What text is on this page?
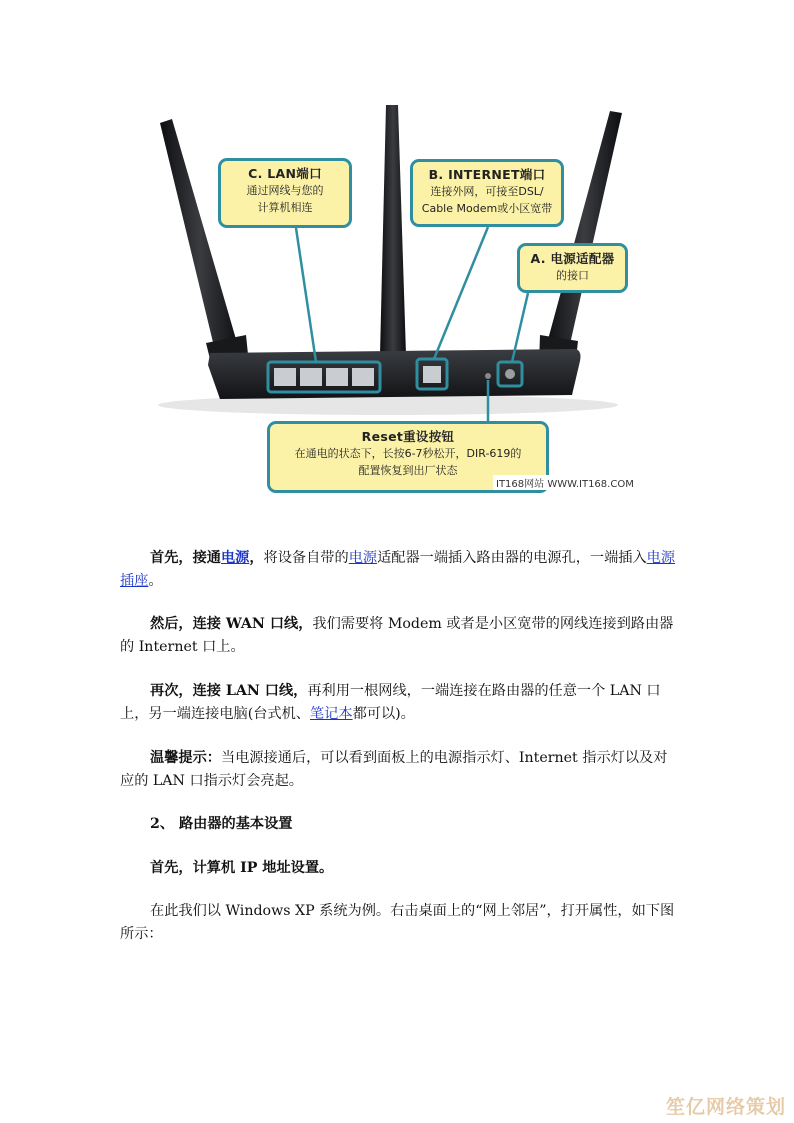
C. LAN端口
通过网线与您的
计算机相连
B. INTERNET端口
连接外网，可接至DSL/
Cable Modem或小区宽带
A. 电源适配器
的接口
Reset重设按钮
在通电的状态下，长按6-7秒松开，DIR-619的
配置恢复到出厂状态
IT168网站 WWW.IT168.COM

首先，接通电源，将设备自带的电源适配器一端插入路由器的电源孔，一端插入电源插座。

然后，连接 WAN 口线，我们需要将 Modem 或者是小区宽带的网线连接到路由器的 Internet 口上。

再次，连接 LAN 口线，再利用一根网线，一端连接在路由器的任意一个 LAN 口上，另一端连接电脑(台式机、笔记本都可以)。

温馨提示：当电源接通后，可以看到面板上的电源指示灯、Internet 指示灯以及对应的 LAN 口指示灯会亮起。

2、 路由器的基本设置

首先，计算机 IP 地址设置。

在此我们以 Windows XP 系统为例。右击桌面上的“网上邻居”，打开属性，如下图所示：

笙亿网络策划
